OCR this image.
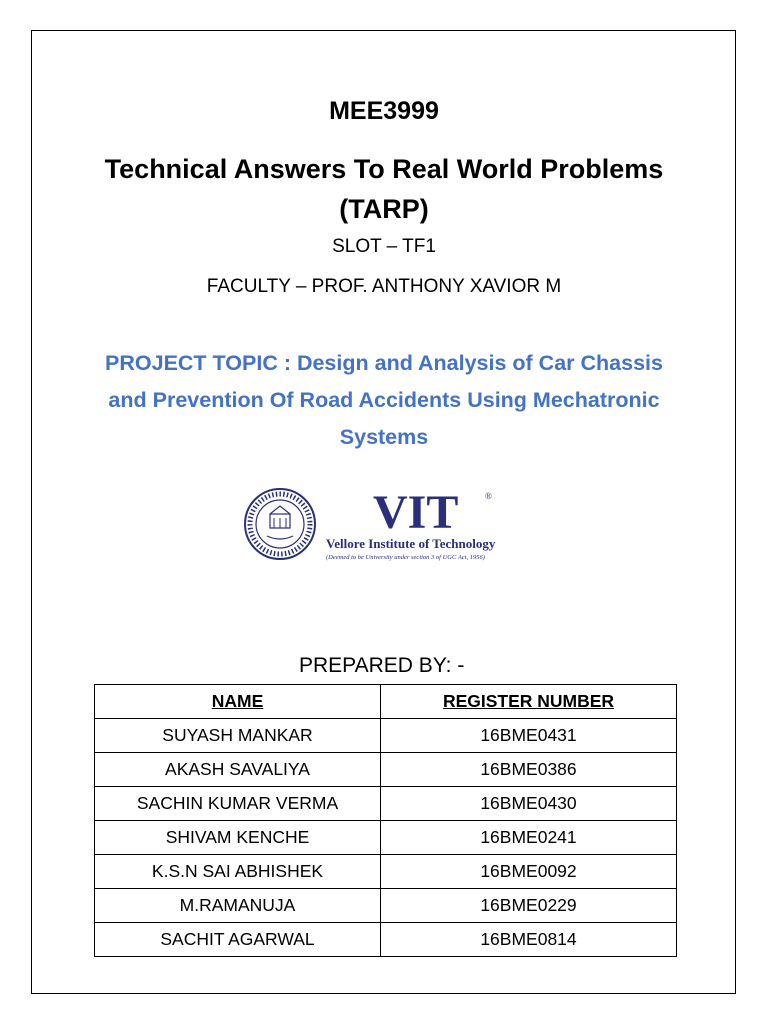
MEE3999
Technical Answers To Real World Problems
(TARP)
SLOT – TF1
FACULTY – PROF. ANTHONY XAVIOR M
PROJECT TOPIC : Design and Analysis of Car Chassis and Prevention Of Road Accidents Using Mechatronic Systems
VIT	®
Vellore Institute of Technology
(Deemed to be University under section 3 of UGC Act, 1956)
PREPARED BY: -
NAME	REGISTER NUMBER
SUYASH MANKAR	16BME0431
AKASH SAVALIYA	16BME0386
SACHIN KUMAR VERMA	16BME0430
SHIVAM KENCHE	16BME0241
K.S.N SAI ABHISHEK	16BME0092
M.RAMANUJA	16BME0229
SACHIT AGARWAL	16BME0814
